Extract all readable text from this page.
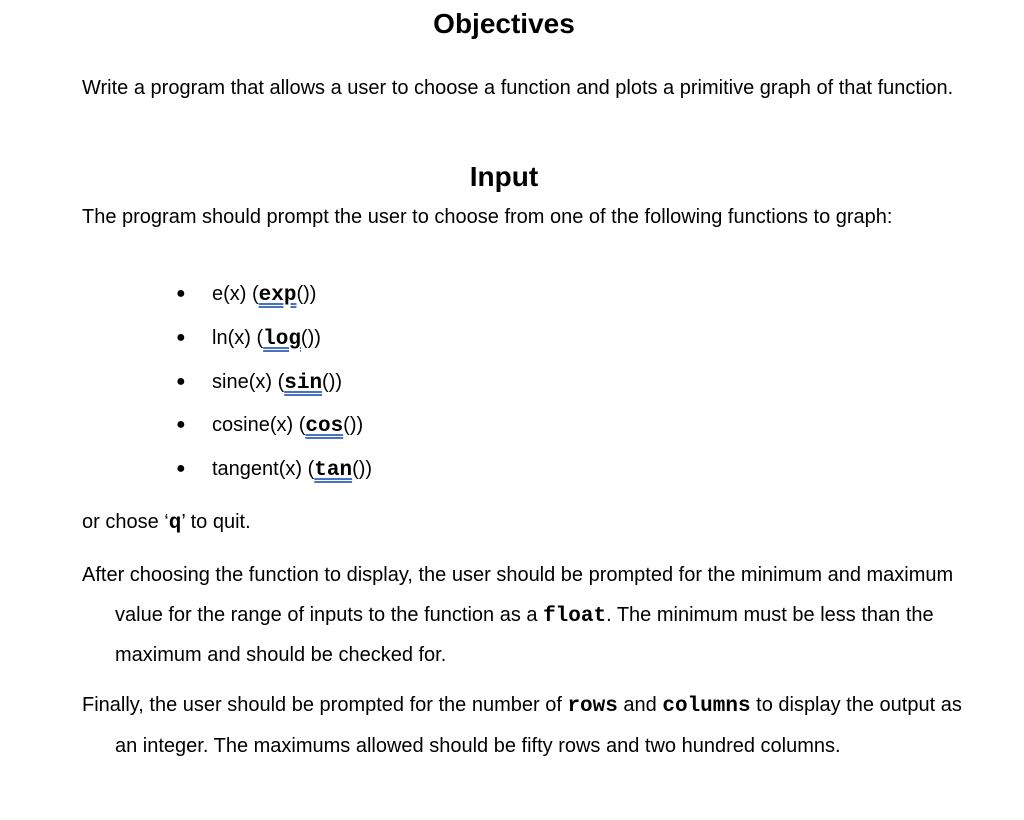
Objectives

Write a program that allows a user to choose a function and plots a primitive graph of that function.

Input

The program should prompt the user to choose from one of the following functions to graph:

● e(x) (exp())
● ln(x) (log())
● sine(x) (sin())
● cosine(x) (cos())
● tangent(x) (tan())

or chose ‘q’ to quit.

After choosing the function to display, the user should be prompted for the minimum and maximum value for the range of inputs to the function as a float. The minimum must be less than the maximum and should be checked for.

Finally, the user should be prompted for the number of rows and columns to display the output as an integer. The maximums allowed should be fifty rows and two hundred columns.
